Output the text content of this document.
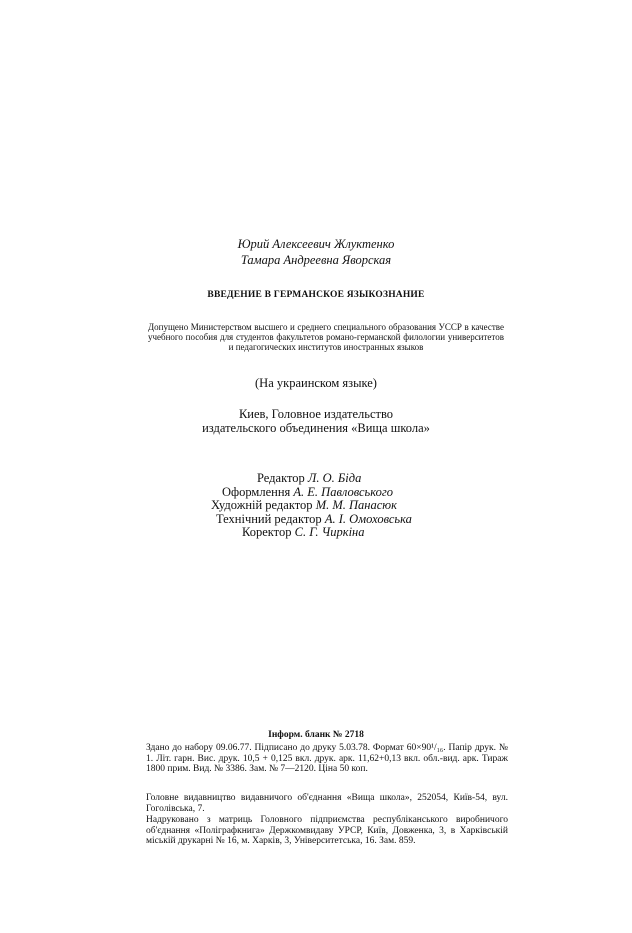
Юрий Алексеевич Жлуктенко
Тамара Андреевна Яворская
ВВЕДЕНИЕ В ГЕРМАНСКОЕ ЯЗЫКОЗНАНИЕ
Допущено Министерством высшего и среднего специального образования УССР в качестве учебного пособия для студентов факультетов романо-германской филологии университетов и педагогических институтов иностранных языков
(На украинском языке)
Киев, Головное издательство
издательского объединения «Вища школа»
Редактор Л. О. Біда
Оформлення А. Е. Павловського
Художній редактор М. М. Панасюк
Технічний редактор А. І. Омоховська
Коректор С. Г. Чиркіна
Інформ. бланк № 2718

Здано до набору 09.06.77. Підписано до друку 5.03.78. Формат 60×90¹/₁₆. Папір друк. № 1. Літ. гарн. Вис. друк. 10,5 + 0,125 вкл. друк. арк. 11,62+0,13 вкл. обл.-вид. арк. Тираж 1800 прим. Вид. № 3386. Зам. № 7—2120. Ціна 50 коп.

Головне видавництво видавничого об'єднання «Вища школа», 252054, Київ-54, вул. Гоголівська, 7.

Надруковано з матриць Головного підприємства республіканського виробничого об'єднання «Поліграфкнига» Держкомвидаву УРСР, Київ, Довженка, 3, в Харківській міській друкарні № 16, м. Харків, 3, Університетська, 16. Зам. 859.
